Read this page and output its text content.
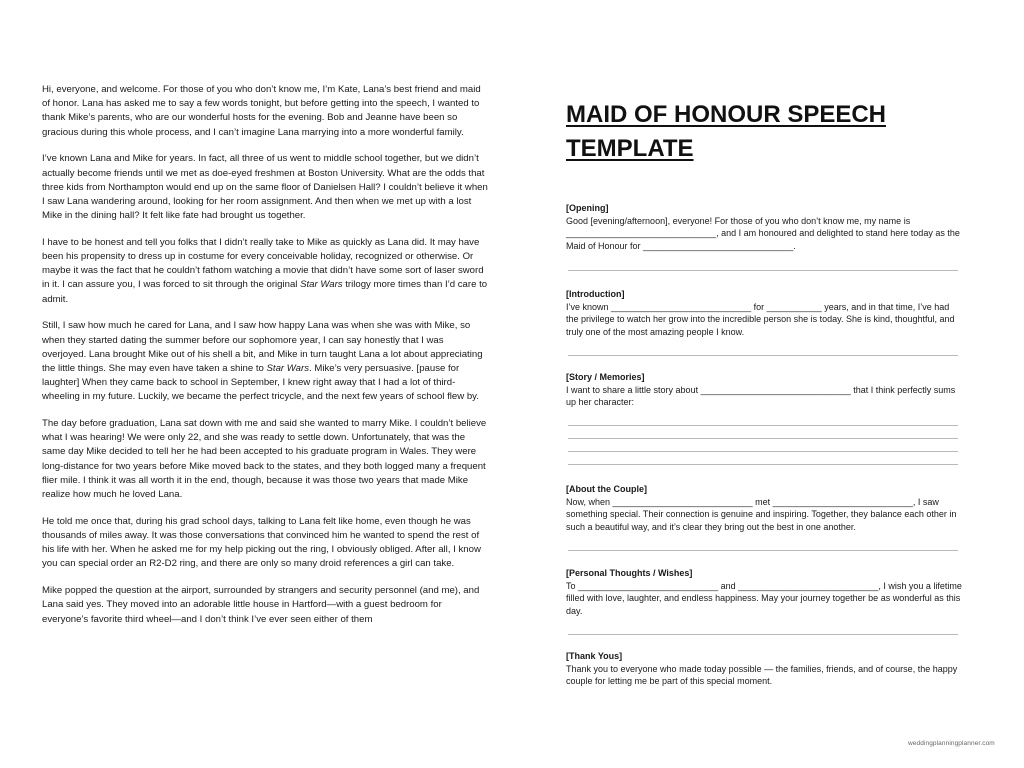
Hi, everyone, and welcome. For those of you who don’t know me, I’m Kate, Lana’s best friend and maid of honor. Lana has asked me to say a few words tonight, but before getting into the speech, I wanted to thank Mike’s parents, who are our wonderful hosts for the evening. Bob and Jeanne have been so gracious during this whole process, and I can’t imagine Lana marrying into a more wonderful family.

I’ve known Lana and Mike for years. In fact, all three of us went to middle school together, but we didn’t actually become friends until we met as doe-eyed freshmen at Boston University. What are the odds that three kids from Northampton would end up on the same floor of Danielsen Hall? I couldn’t believe it when I saw Lana wandering around, looking for her room assignment. And then when we met up with a lost Mike in the dining hall? It felt like fate had brought us together.

I have to be honest and tell you folks that I didn’t really take to Mike as quickly as Lana did. It may have been his propensity to dress up in costume for every conceivable holiday, recognized or otherwise. Or maybe it was the fact that he couldn’t fathom watching a movie that didn’t have some sort of laser sword in it. I can assure you, I was forced to sit through the original Star Wars trilogy more times than I’d care to admit.

Still, I saw how much he cared for Lana, and I saw how happy Lana was when she was with Mike, so when they started dating the summer before our sophomore year, I can say honestly that I was overjoyed. Lana brought Mike out of his shell a bit, and Mike in turn taught Lana a lot about appreciating the little things. She may even have taken a shine to Star Wars. Mike’s very persuasive. [pause for laughter] When they came back to school in September, I knew right away that I had a lot of third-wheeling in my future. Luckily, we became the perfect tricycle, and the next few years of school flew by.

The day before graduation, Lana sat down with me and said she wanted to marry Mike. I couldn’t believe what I was hearing! We were only 22, and she was ready to settle down. Unfortunately, that was the same day Mike decided to tell her he had been accepted to his graduate program in Wales. They were long-distance for two years before Mike moved back to the states, and they both logged many a frequent flier mile. I think it was all worth it in the end, though, because it was those two years that made Mike realize how much he loved Lana.

He told me once that, during his grad school days, talking to Lana felt like home, even though he was thousands of miles away. It was those conversations that convinced him he wanted to spend the rest of his life with her. When he asked me for my help picking out the ring, I obviously obliged. After all, I know you can special order an R2-D2 ring, and there are only so many droid references a girl can take.

Mike popped the question at the airport, surrounded by strangers and security personnel (and me), and Lana said yes. They moved into an adorable little house in Hartford—with a guest bedroom for everyone’s favorite third wheel—and I don’t think I’ve ever seen either of them

MAID OF HONOUR SPEECH
TEMPLATE
[Opening]
Good [evening/afternoon], everyone! For those of you who don’t know me, my name is ______________________________, and I am honoured and delighted to stand here today as the Maid of Honour for ______________________________.
[Introduction]
I’ve known ____________________________ for ___________ years, and in that time, I’ve had the privilege to watch her grow into the incredible person she is today. She is kind, thoughtful, and truly one of the most amazing people I know.
[Story / Memories]
I want to share a little story about ______________________________ that I think perfectly sums up her character:
[About the Couple]
Now, when ____________________________ met ____________________________, I saw something special. Their connection is genuine and inspiring. Together, they balance each other in such a beautiful way, and it’s clear they bring out the best in one another.
[Personal Thoughts / Wishes]
To ____________________________ and ____________________________, I wish you a lifetime filled with love, laughter, and endless happiness. May your journey together be as wonderful as this day.
[Thank Yous]
Thank you to everyone who made today possible — the families, friends, and of course, the happy couple for letting me be part of this special moment.
weddingplanningplanner.com
